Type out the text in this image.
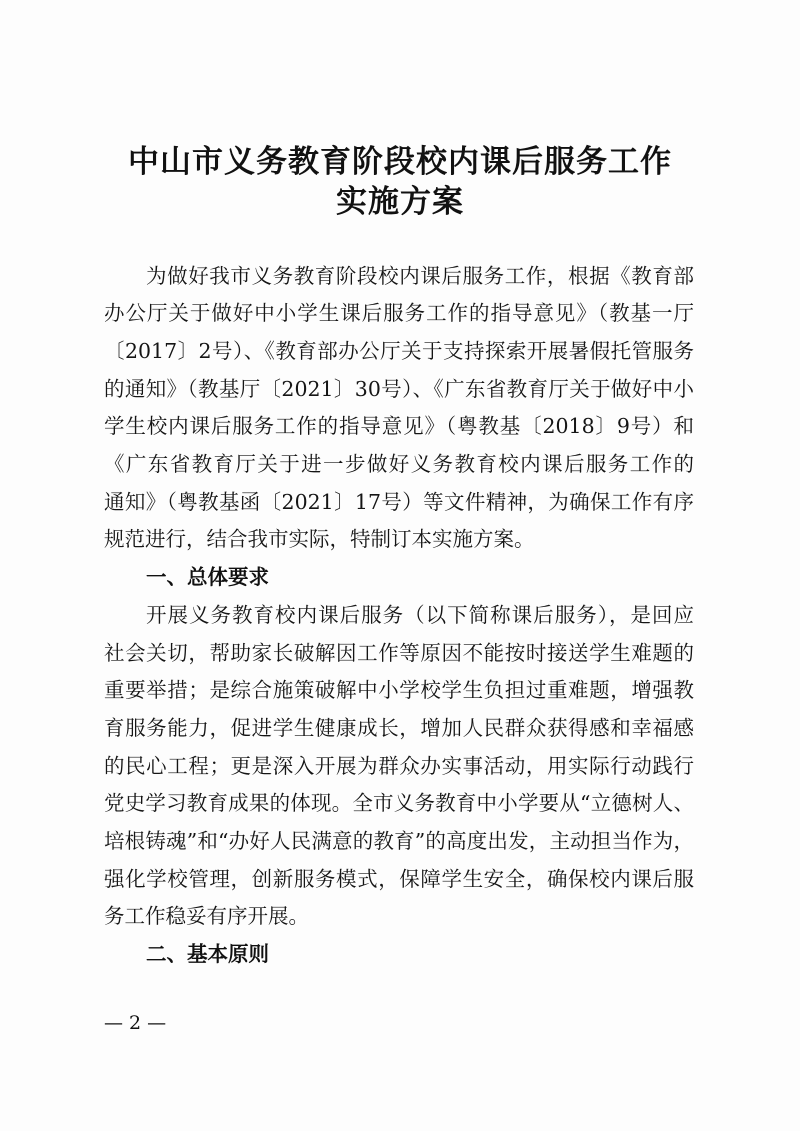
中山市义务教育阶段校内课后服务工作
实施方案
为做好我市义务教育阶段校内课后服务工作，根据《教育部
办公厅关于做好中小学生课后服务工作的指导意见》（教基一厅
〔2017〕2号）、《教育部办公厅关于支持探索开展暑假托管服务
的通知》（教基厅〔2021〕30号）、《广东省教育厅关于做好中小
学生校内课后服务工作的指导意见》（粤教基〔2018〕9号）和
《广东省教育厅关于进一步做好义务教育校内课后服务工作的
通知》（粤教基函〔2021〕17号）等文件精神，为确保工作有序
规范进行，结合我市实际，特制订本实施方案。
一、总体要求
开展义务教育校内课后服务（以下简称课后服务），是回应
社会关切，帮助家长破解因工作等原因不能按时接送学生难题的
重要举措；是综合施策破解中小学校学生负担过重难题，增强教
育服务能力，促进学生健康成长，增加人民群众获得感和幸福感
的民心工程；更是深入开展为群众办实事活动，用实际行动践行
党史学习教育成果的体现。全市义务教育中小学要从“立德树人、
培根铸魂”和“办好人民满意的教育”的高度出发，主动担当作为，
强化学校管理，创新服务模式，保障学生安全，确保校内课后服
务工作稳妥有序开展。
二、基本原则
— 2 —
